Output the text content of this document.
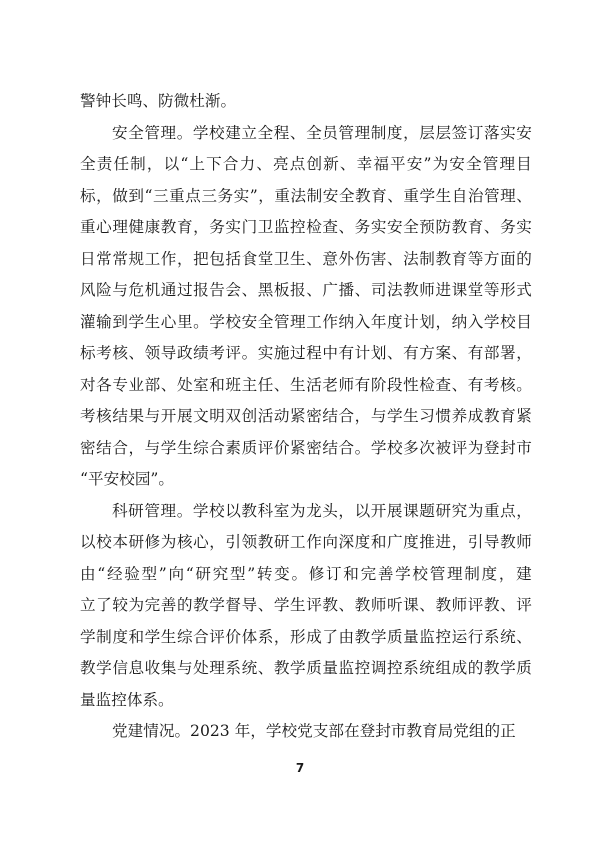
警 钟 长 鸣 、 防 微 杜 渐 。
安 全 管 理 。 学 校 建 立 全 程 、 全 员 管 理 制 度 ， 层 层 签 订 落 实 安
全 责 任 制 ， 以 “ 上 下 合 力 、 亮 点 创 新 、 幸 福 平 安 ” 为 安 全 管 理 目
标 ， 做 到 “ 三 重 点 三 务 实 ” ， 重 法 制 安 全 教 育 、 重 学 生 自 治 管 理 、
重 心 理 健 康 教 育 ， 务 实 门 卫 监 控 检 查 、 务 实 安 全 预 防 教 育 、 务 实
日 常 常 规 工 作 ， 把 包 括 食 堂 卫 生 、 意 外 伤 害 、 法 制 教 育 等 方 面 的
风 险 与 危 机 通 过 报 告 会 、 黑 板 报 、 广 播 、 司 法 教 师 进 课 堂 等 形 式
灌 输 到 学 生 心 里 。 学 校 安 全 管 理 工 作 纳 入 年 度 计 划 ， 纳 入 学 校 目
标 考 核 、 领 导 政 绩 考 评 。 实 施 过 程 中 有 计 划 、 有 方 案 、 有 部 署 ，
对 各 专 业 部 、 处 室 和 班 主 任 、 生 活 老 师 有 阶 段 性 检 查 、 有 考 核 。
考 核 结 果 与 开 展 文 明 双 创 活 动 紧 密 结 合 ， 与 学 生 习 惯 养 成 教 育 紧
密 结 合 ， 与 学 生 综 合 素 质 评 价 紧 密 结 合 。 学 校 多 次 被 评 为 登 封 市
“ 平 安 校 园 ” 。
科 研 管 理 。 学 校 以 教 科 室 为 龙 头 ， 以 开 展 课 题 研 究 为 重 点 ，
以 校 本 研 修 为 核 心 ， 引 领 教 研 工 作 向 深 度 和 广 度 推 进 ， 引 导 教 师
由 “ 经 验 型 ” 向 “ 研 究 型 ” 转 变 。 修 订 和 完 善 学 校 管 理 制 度 ， 建
立 了 较 为 完 善 的 教 学 督 导 、 学 生 评 教 、 教 师 听 课 、 教 师 评 教 、 评
学 制 度 和 学 生 综 合 评 价 体 系 ， 形 成 了 由 教 学 质 量 监 控 运 行 系 统 、
教 学 信 息 收 集 与 处 理 系 统 、 教 学 质 量 监 控 调 控 系 统 组 成 的 教 学 质
量 监 控 体 系 。
党 建 情 况 。 2023
年 ， 学 校 党 支 部 在 登 封 市 教 育 局 党 组 的 正
7
